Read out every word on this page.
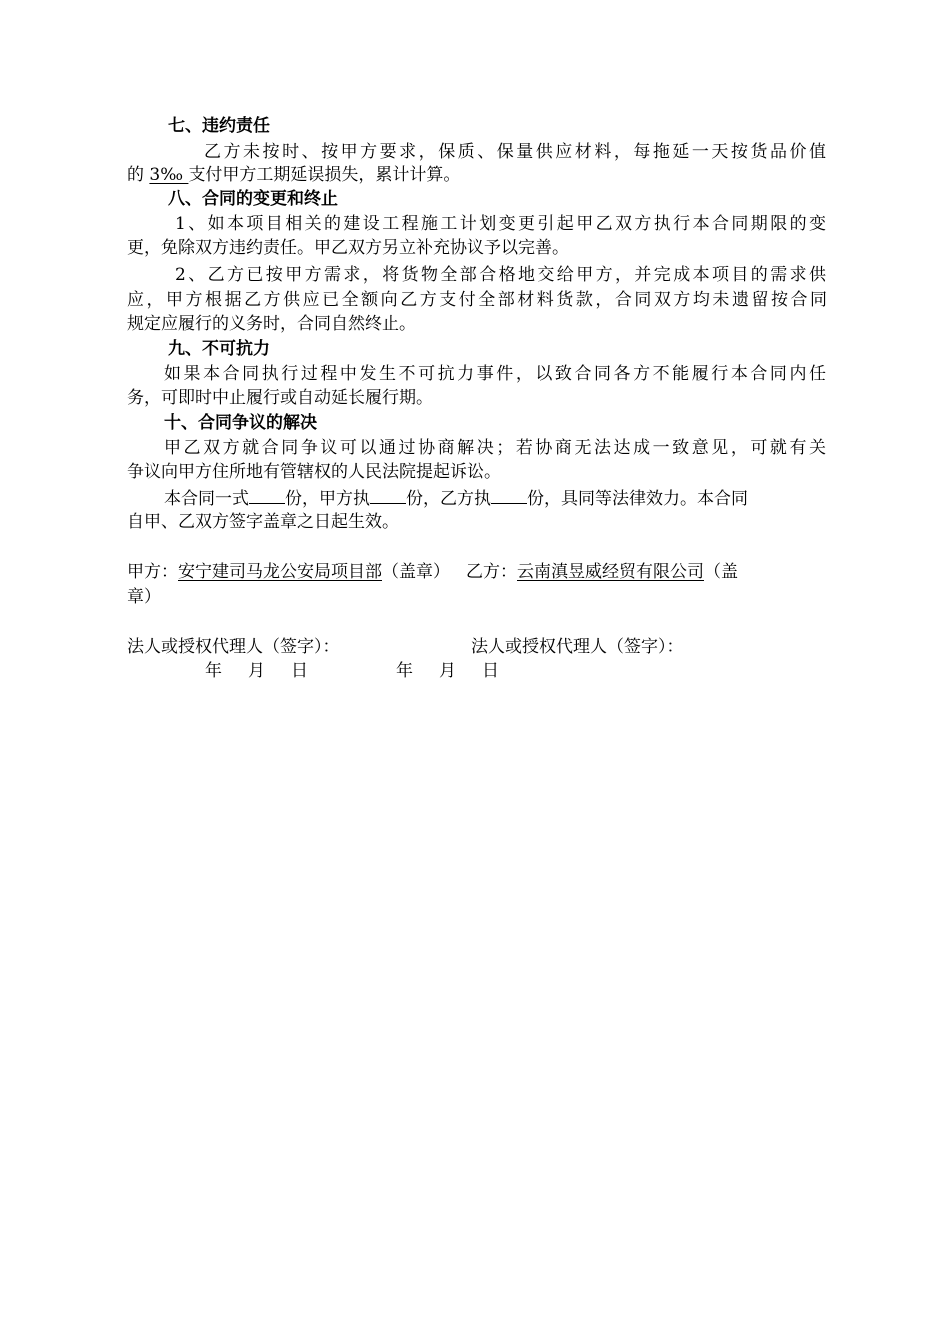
七、违约责任
乙方未按时、按甲方要求，保质、保量供应材料，每拖延一天按货品价值
的 3‰ 支付甲方工期延误损失，累计计算。
八、合同的变更和终止
1、如本项目相关的建设工程施工计划变更引起甲乙双方执行本合同期限的变
更，免除双方违约责任。甲乙双方另立补充协议予以完善。
2、乙方已按甲方需求，将货物全部合格地交给甲方，并完成本项目的需求供
应，甲方根据乙方供应已全额向乙方支付全部材料货款，合同双方均未遗留按合同
规定应履行的义务时，合同自然终止。
九、不可抗力
如果本合同执行过程中发生不可抗力事件，以致合同各方不能履行本合同内任
务，可即时中止履行或自动延长履行期。
十、合同争议的解决
甲乙双方就合同争议可以通过协商解决；若协商无法达成一致意见，可就有关
争议向甲方住所地有管辖权的人民法院提起诉讼。
本合同一式 份，甲方执 份，乙方执 份，具同等法律效力。本合同
自甲、乙双方签字盖章之日起生效。
甲方：安宁建司马龙公安局项目部（盖章） 乙方：云南滇昱威经贸有限公司（盖
章）
法人或授权代理人（签字）：	法人或授权代理人（签字）：
年 月 日	年 月 日
